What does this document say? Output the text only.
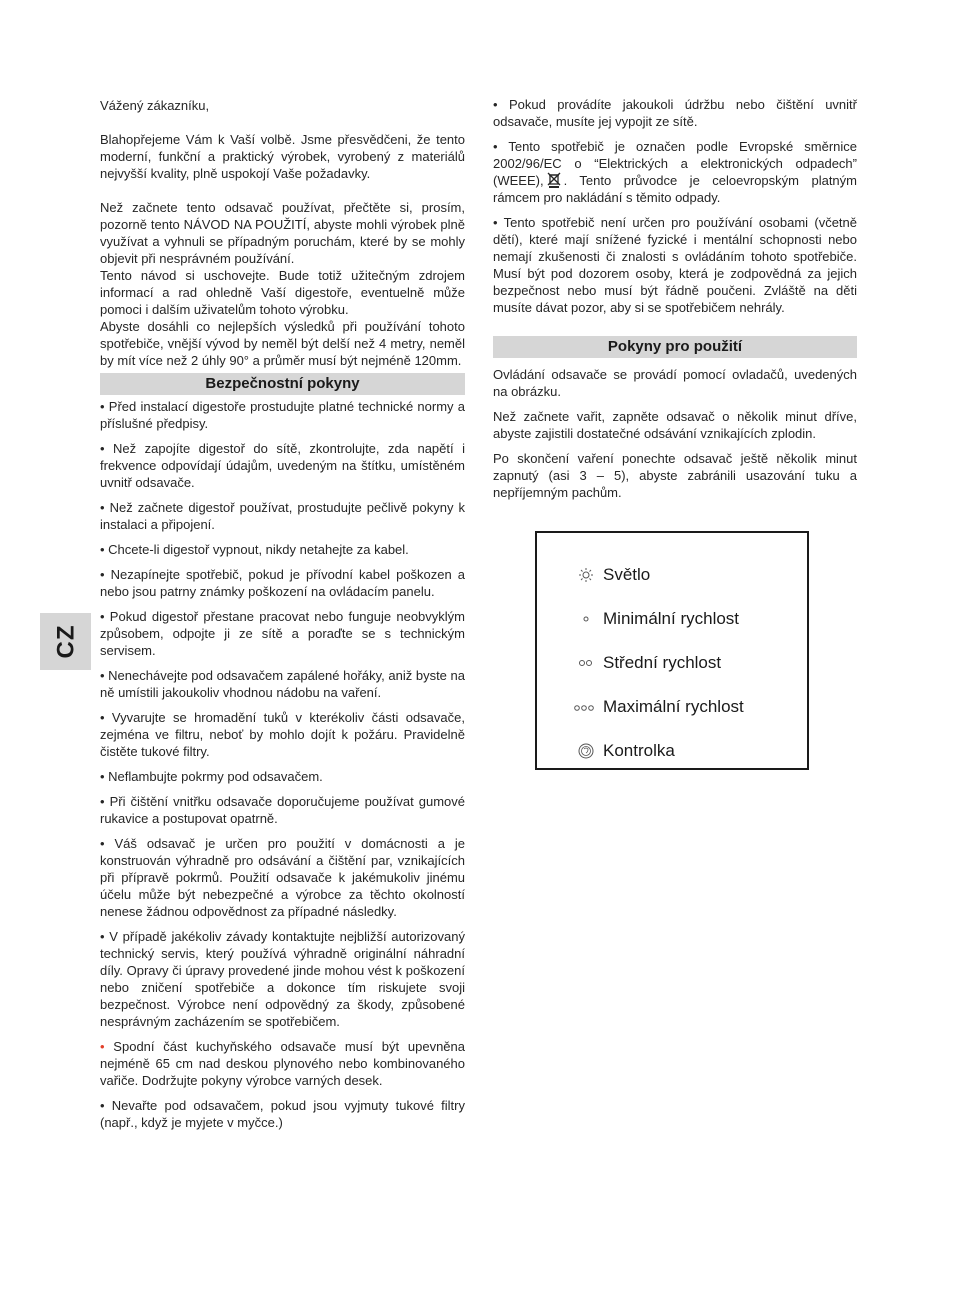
CZ

Vážený zákazníku,

Blahopřejeme Vám k Vaší volbě. Jsme přesvědčeni, že tento moderní, funkční a praktický výrobek, vyrobený z materiálů nejvyšší kvality, plně uspokojí Vaše požadavky.

Než začnete tento odsavač používat, přečtěte si, prosím, pozorně tento NÁVOD NA POUŽITÍ, abyste mohli výrobek plně využívat a vyhnuli se případným poruchám, které by se mohly objevit při nesprávném používání.

Tento návod si uschovejte. Bude totiž užitečným zdrojem informací a rad ohledně Vaší digestoře, eventuelně může pomoci i dalším uživatelům tohoto výrobku.

Abyste dosáhli co nejlepších výsledků při používání tohoto spotřebiče, vnější vývod by neměl být delší než 4 metry, neměl by mít více než 2 úhly 90° a průměr musí být nejméně 120mm.

Bezpečnostní pokyny

• Před instalací digestoře prostudujte platné technické normy a příslušné předpisy.

• Než zapojíte digestoř do sítě, zkontrolujte, zda napětí i frekvence odpovídají údajům, uvedeným na štítku, umístěném uvnitř odsavače.

• Než začnete digestoř používat, prostudujte pečlivě pokyny k instalaci a připojení.

• Chcete-li digestoř vypnout, nikdy netahejte za kabel.

• Nezapínejte spotřebič, pokud je přívodní kabel poškozen a nebo jsou patrny známky poškození na ovládacím panelu.

• Pokud digestoř přestane pracovat nebo funguje neobvyklým způsobem, odpojte ji ze sítě a poraďte se s technickým servisem.

• Nenechávejte pod odsavačem zapálené hořáky, aniž byste na ně umístili jakoukoliv vhodnou nádobu na vaření.

• Vyvarujte se hromadění tuků v kterékoliv části odsavače, zejména ve filtru, neboť by mohlo dojít k požáru. Pravidelně čistěte tukové filtry.

• Neflambujte pokrmy pod odsavačem.

• Při čištění vnitřku odsavače doporučujeme používat gumové rukavice a postupovat opatrně.

• Váš odsavač je určen pro použití v domácnosti a je konstruován výhradně pro odsávání a čištění par, vznikajících při přípravě pokrmů. Použití odsavače k jakémukoliv jinému účelu může být nebezpečné a výrobce za těchto okolností nenese žádnou odpovědnost za případné následky.

• V případě jakékoliv závady kontaktujte nejbližší autorizovaný technický servis, který používá výhradně originální náhradní díly. Opravy či úpravy provedené jinde mohou vést k poškození nebo zničení spotřebiče a dokonce tím riskujete svoji bezpečnost. Výrobce není odpovědný za škody, způsobené nesprávným zacházením se spotřebičem.

• Spodní část kuchyňského odsavače musí být upevněna nejméně 65 cm nad deskou plynového nebo kombinovaného vařiče. Dodržujte pokyny výrobce varných desek.

• Nevařte pod odsavačem, pokud jsou vyjmuty tukové filtry (např., když je myjete v myčce.)

• Pokud provádíte jakoukoli údržbu nebo čištění uvnitř odsavače, musíte jej vypojit ze sítě.

• Tento spotřebič je označen podle Evropské směrnice 2002/96/EC o “Elektrických a elektronických odpadech” (WEEE), . Tento průvodce je celoevropským platným rámcem pro nakládání s těmito odpady.

• Tento spotřebič není určen pro používání osobami (včetně dětí), které mají snížené fyzické i mentální schopnosti nebo nemají zkušenosti či znalosti s ovládáním tohoto spotřebiče. Musí být pod dozorem osoby, která je zodpovědná za jejich bezpečnost nebo musí být řádně poučeni. Zvláště na děti musíte dávat pozor, aby si se spotřebičem nehrály.

Pokyny pro použití

Ovládání odsavače se provádí pomocí ovladačů, uvedených na obrázku.

Než začnete vařit, zapněte odsavač o několik minut dříve, abyste zajistili dostatečné odsávání vznikajících zplodin.

Po skončení vaření ponechte odsavač ještě několik minut zapnutý (asi 3 – 5), abyste zabránili usazování tuku a nepříjemným pachům.

Světlo
Minimální rychlost
Střední rychlost
Maximální rychlost
Kontrolka
